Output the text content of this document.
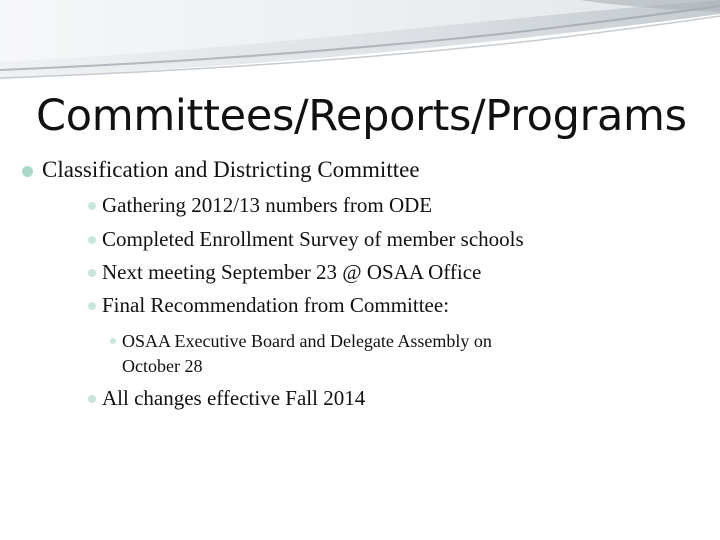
Committees/Reports/Programs
Classification and Districting Committee
Gathering 2012/13 numbers from ODE
Completed Enrollment Survey of member schools
Next meeting September 23 @ OSAA Office
Final Recommendation from Committee:
OSAA Executive Board and Delegate Assembly on
October 28
All changes effective Fall 2014
